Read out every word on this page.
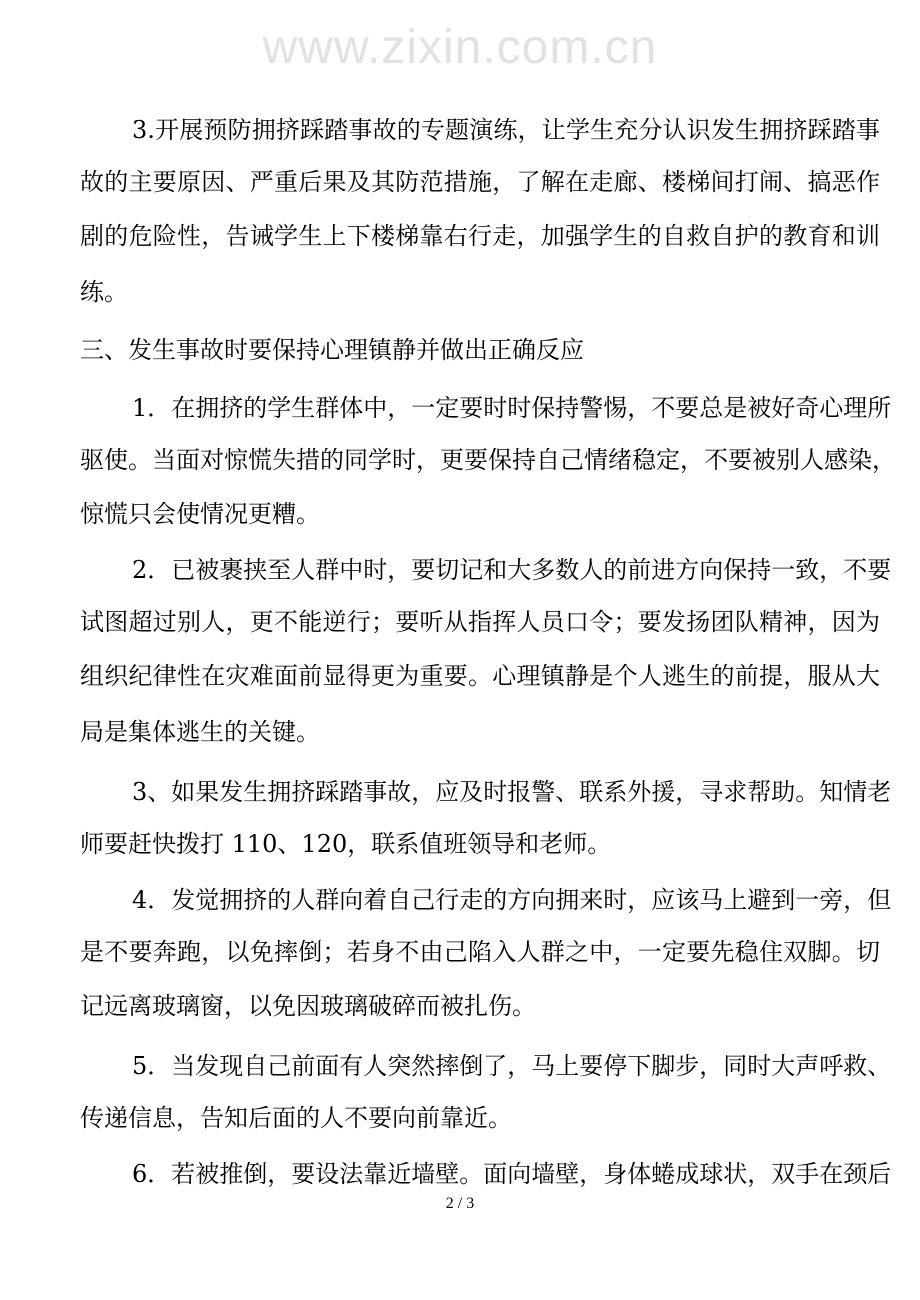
www.zixin.com.cn
3.开展预防拥挤踩踏事故的专题演练，让学生充分认识发生拥挤踩踏事
故的主要原因、严重后果及其防范措施，了解在走廊、楼梯间打闹、搞恶作
剧的危险性，告诫学生上下楼梯靠右行走，加强学生的自救自护的教育和训
练。
三、发生事故时要保持心理镇静并做出正确反应
1．在拥挤的学生群体中，一定要时时保持警惕，不要总是被好奇心理所
驱使。当面对惊慌失措的同学时，更要保持自己情绪稳定，不要被别人感染，
惊慌只会使情况更糟。
2．已被裹挟至人群中时，要切记和大多数人的前进方向保持一致，不要
试图超过别人，更不能逆行；要听从指挥人员口令；要发扬团队精神，因为
组织纪律性在灾难面前显得更为重要。心理镇静是个人逃生的前提，服从大
局是集体逃生的关键。
3、如果发生拥挤踩踏事故，应及时报警、联系外援，寻求帮助。知情老
师要赶快拨打 110、120，联系值班领导和老师。
4．发觉拥挤的人群向着自己行走的方向拥来时，应该马上避到一旁，但
是不要奔跑，以免摔倒；若身不由己陷入人群之中，一定要先稳住双脚。切
记远离玻璃窗，以免因玻璃破碎而被扎伤。
5．当发现自己前面有人突然摔倒了，马上要停下脚步，同时大声呼救、
传递信息，告知后面的人不要向前靠近。
6．若被推倒，要设法靠近墙壁。面向墙壁，身体蜷成球状，双手在颈后
2 / 3
